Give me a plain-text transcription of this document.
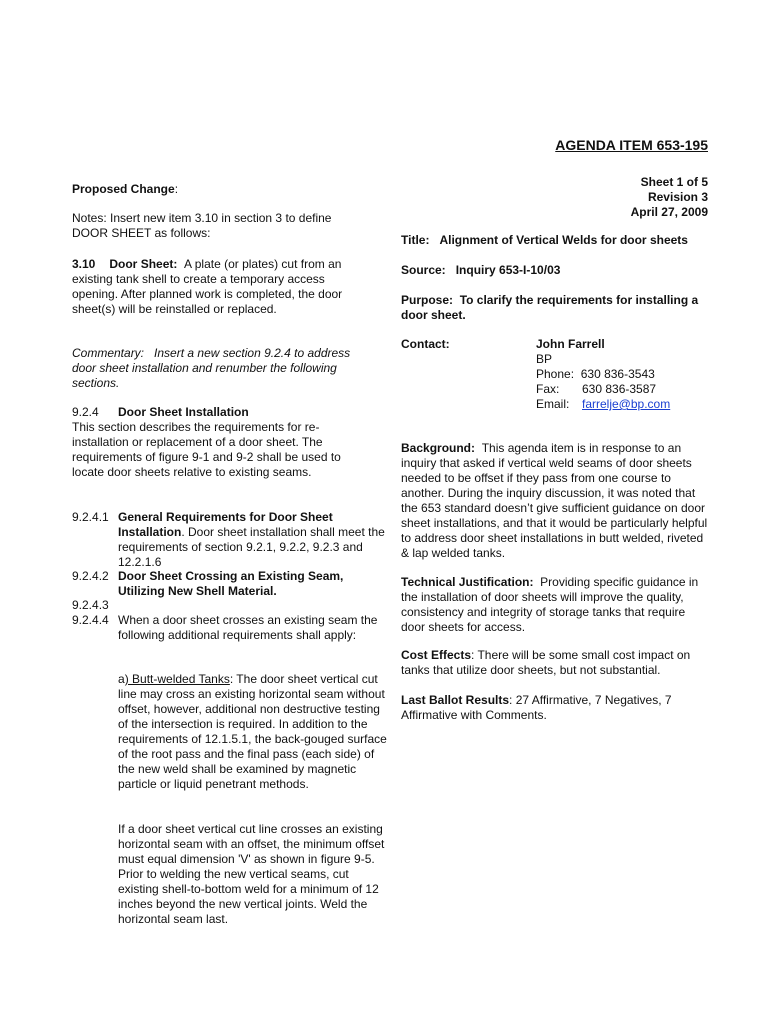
AGENDA ITEM 653-195
Sheet 1 of 5
Revision 3
April 27, 2009
Proposed Change:
Notes: Insert new item 3.10 in section 3 to define DOOR SHEET as follows:
3.10 Door Sheet: A plate (or plates) cut from an existing tank shell to create a temporary access opening. After planned work is completed, the door sheet(s) will be reinstalled or replaced.
Commentary: Insert a new section 9.2.4 to address door sheet installation and renumber the following sections.
9.2.4 Door Sheet Installation
This section describes the requirements for re-installation or replacement of a door sheet. The requirements of figure 9-1 and 9-2 shall be used to locate door sheets relative to existing seams.
9.2.4.1 General Requirements for Door Sheet Installation. Door sheet installation shall meet the requirements of section 9.2.1, 9.2.2, 9.2.3 and 12.2.1.6
9.2.4.2 Door Sheet Crossing an Existing Seam, Utilizing New Shell Material.
9.2.4.3
9.2.4.4 When a door sheet crosses an existing seam the following additional requirements shall apply:
a) Butt-welded Tanks: The door sheet vertical cut line may cross an existing horizontal seam without offset, however, additional non destructive testing of the intersection is required. In addition to the requirements of 12.1.5.1, the back-gouged surface of the root pass and the final pass (each side) of the new weld shall be examined by magnetic particle or liquid penetrant methods.
If a door sheet vertical cut line crosses an existing horizontal seam with an offset, the minimum offset must equal dimension 'V' as shown in figure 9-5. Prior to welding the new vertical seams, cut existing shell-to-bottom weld for a minimum of 12 inches beyond the new vertical joints. Weld the horizontal seam last.
Title: Alignment of Vertical Welds for door sheets
Source: Inquiry 653-I-10/03
Purpose: To clarify the requirements for installing a door sheet.
Contact:	John Farrell
BP
Phone: 630 836-3543
Fax: 630 836-3587
Email: farrelje@bp.com
Background: This agenda item is in response to an inquiry that asked if vertical weld seams of door sheets needed to be offset if they pass from one course to another. During the inquiry discussion, it was noted that the 653 standard doesn’t give sufficient guidance on door sheet installations, and that it would be particularly helpful to address door sheet installations in butt welded, riveted & lap welded tanks.
Technical Justification: Providing specific guidance in the installation of door sheets will improve the quality, consistency and integrity of storage tanks that require door sheets for access.
Cost Effects: There will be some small cost impact on tanks that utilize door sheets, but not substantial.
Last Ballot Results: 27 Affirmative, 7 Negatives, 7 Affirmative with Comments.
